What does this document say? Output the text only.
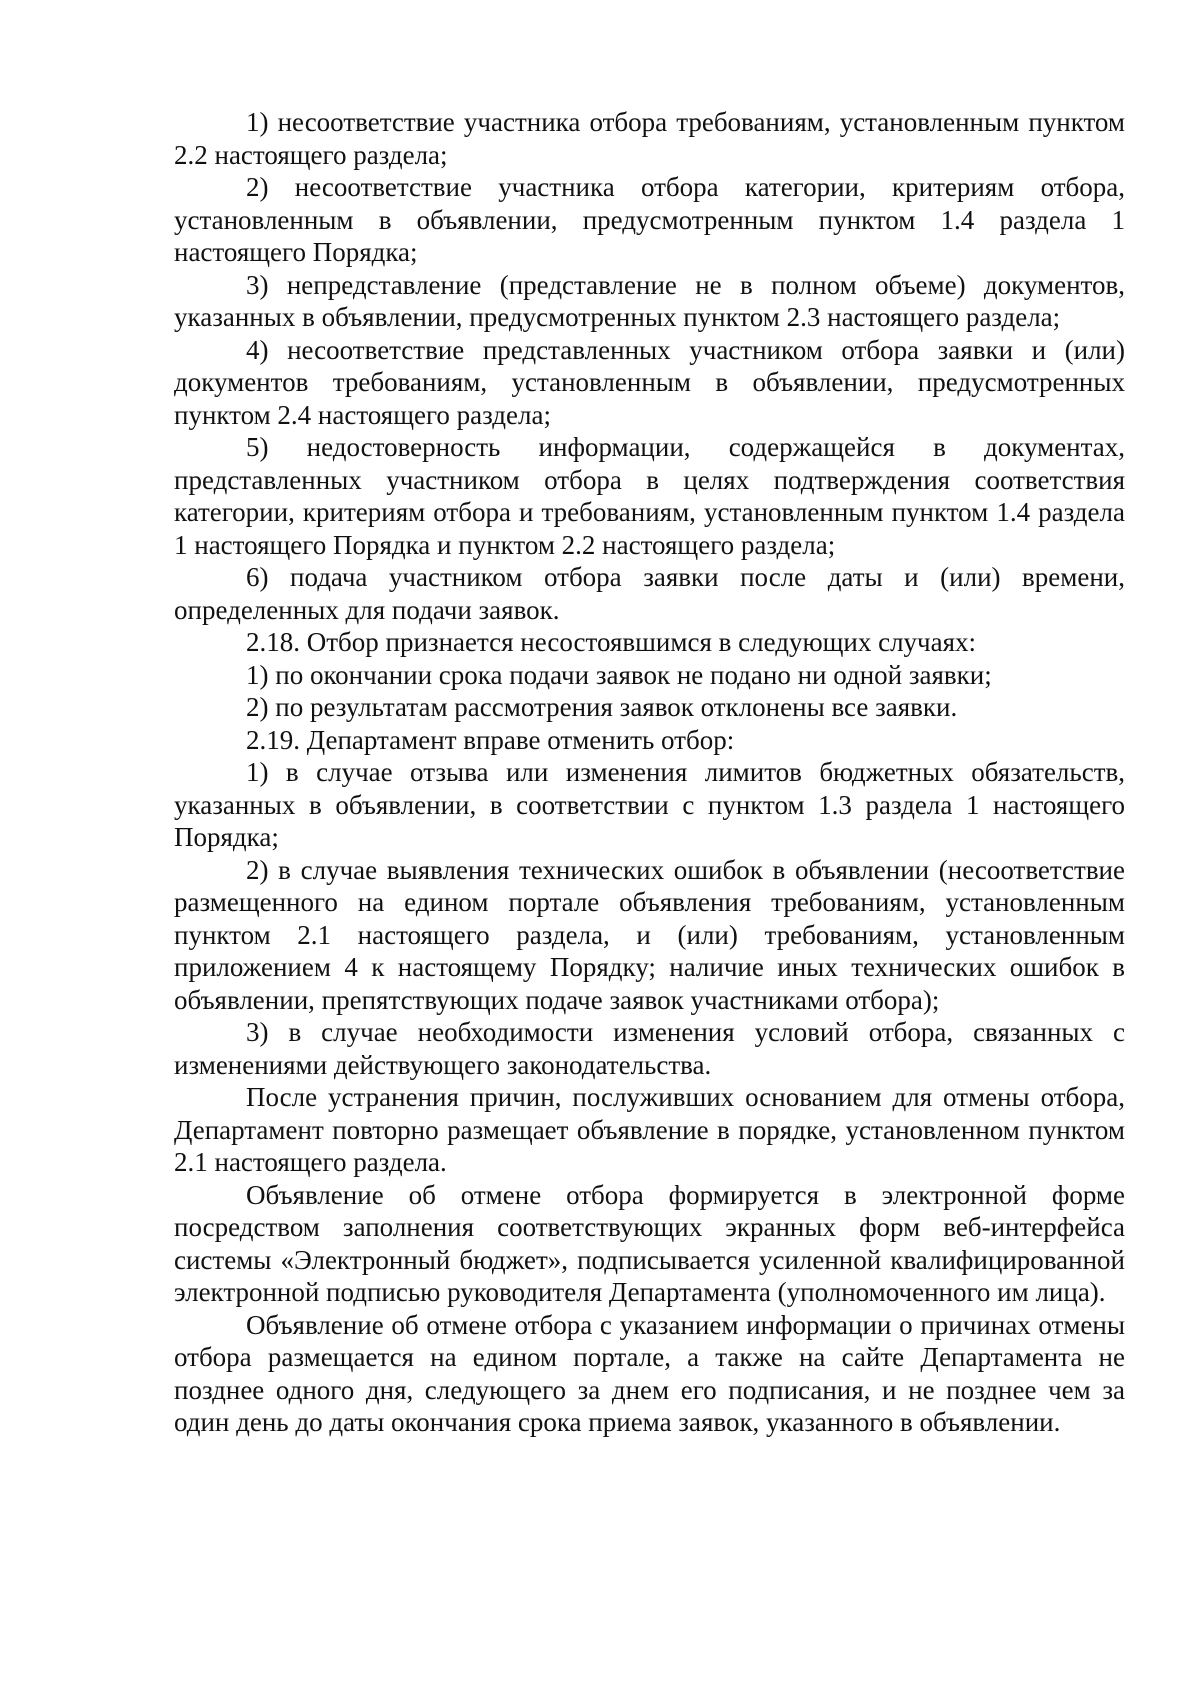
1) несоответствие участника отбора требованиям, установленным пунктом 2.2 настоящего раздела;

2) несоответствие участника отбора категории, критериям отбора, установленным в объявлении, предусмотренным пунктом 1.4 раздела 1 настоящего Порядка;

3) непредставление (представление не в полном объеме) документов, указанных в объявлении, предусмотренных пунктом 2.3 настоящего раздела;

4) несоответствие представленных участником отбора заявки и (или) документов требованиям, установленным в объявлении, предусмотренных пунктом 2.4 настоящего раздела;

5) недостоверность информации, содержащейся в документах, представленных участником отбора в целях подтверждения соответствия категории, критериям отбора и требованиям, установленным пунктом 1.4 раздела 1 настоящего Порядка и пунктом 2.2 настоящего раздела;

6) подача участником отбора заявки после даты и (или) времени, определенных для подачи заявок.

2.18. Отбор признается несостоявшимся в следующих случаях:

1) по окончании срока подачи заявок не подано ни одной заявки;

2) по результатам рассмотрения заявок отклонены все заявки.

2.19. Департамент вправе отменить отбор:

1) в случае отзыва или изменения лимитов бюджетных обязательств, указанных в объявлении, в соответствии с пунктом 1.3 раздела 1 настоящего Порядка;

2) в случае выявления технических ошибок в объявлении (несоответствие размещенного на едином портале объявления требованиям, установленным пунктом 2.1 настоящего раздела, и (или) требованиям, установленным приложением 4 к настоящему Порядку; наличие иных технических ошибок в объявлении, препятствующих подаче заявок участниками отбора);

3) в случае необходимости изменения условий отбора, связанных с изменениями действующего законодательства.

После устранения причин, послуживших основанием для отмены отбора, Департамент повторно размещает объявление в порядке, установленном пунктом 2.1 настоящего раздела.

Объявление об отмене отбора формируется в электронной форме посредством заполнения соответствующих экранных форм веб-интерфейса системы «Электронный бюджет», подписывается усиленной квалифицированной электронной подписью руководителя Департамента (уполномоченного им лица).

Объявление об отмене отбора с указанием информации о причинах отмены отбора размещается на едином портале, а также на сайте Департамента не позднее одного дня, следующего за днем его подписания, и не позднее чем за один день до даты окончания срока приема заявок, указанного в объявлении.
